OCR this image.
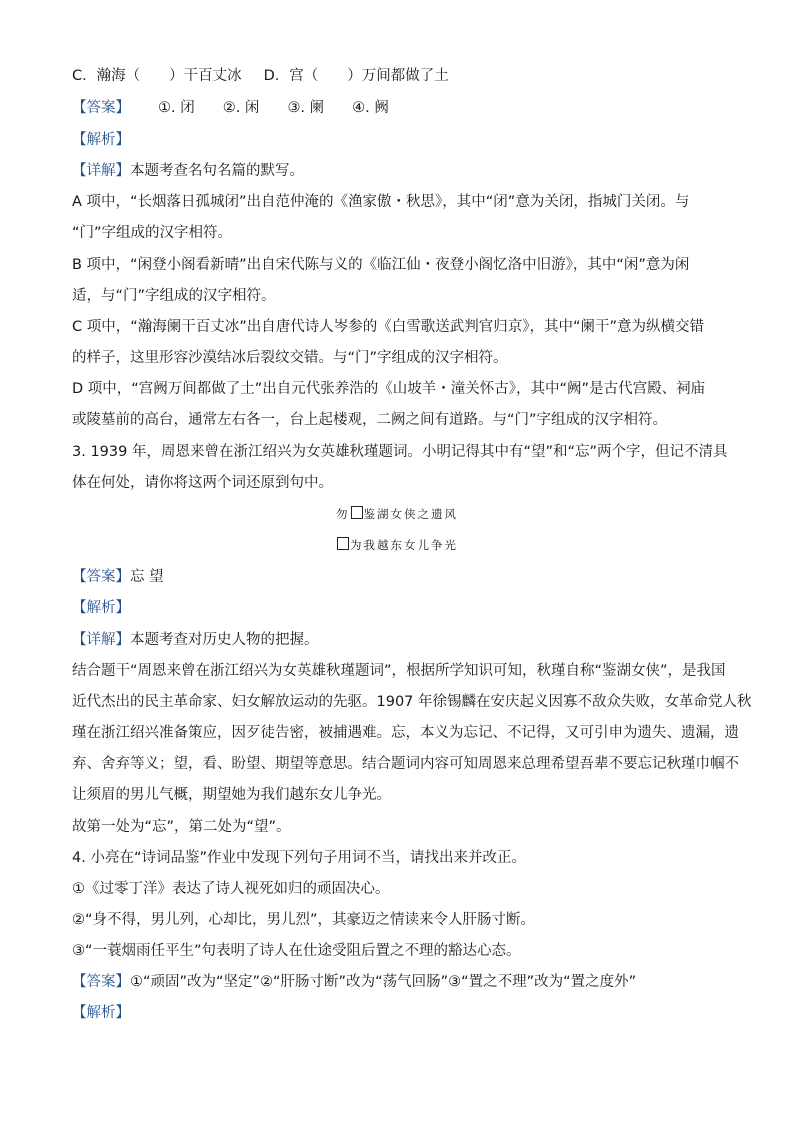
C．瀚海（　　）干百丈冰 D．宫（　　）万间都做了土
【答案】 ①. 闭 ②. 闲 ③. 阑 ④. 阙
【解析】
【详解】本题考查名句名篇的默写。
A 项中，“长烟落日孤城闭”出自范仲淹的《渔家傲・秋思》，其中“闭”意为关闭，指城门关闭。与
“门”字组成的汉字相符。
B 项中，“闲登小阁看新晴”出自宋代陈与义的《临江仙・夜登小阁忆洛中旧游》，其中“闲”意为闲
适，与“门”字组成的汉字相符。
C 项中，“瀚海阑干百丈冰”出自唐代诗人岑参的《白雪歌送武判官归京》，其中“阑干”意为纵横交错
的样子，这里形容沙漠结冰后裂纹交错。与“门”字组成的汉字相符。
D 项中，“宫阙万间都做了土”出自元代张养浩的《山坡羊・潼关怀古》，其中“阙”是古代宫殿、祠庙
或陵墓前的高台，通常左右各一，台上起楼观，二阙之间有道路。与“门”字组成的汉字相符。
3. 1939 年，周恩来曾在浙江绍兴为女英雄秋瑾题词。小明记得其中有“望”和“忘”两个字，但记不清具
体在何处，请你将这两个词还原到句中。
勿 鉴湖女侠之遗风
为我越东女儿争光
【答案】忘 望
【解析】
【详解】本题考查对历史人物的把握。
结合题干“周恩来曾在浙江绍兴为女英雄秋瑾题词”，根据所学知识可知，秋瑾自称“鉴湖女侠”，是我国
近代杰出的民主革命家、妇女解放运动的先驱。1907 年徐锡麟在安庆起义因寡不敌众失败，女革命党人秋
瑾在浙江绍兴准备策应，因歹徒告密，被捕遇难。忘，本义为忘记、不记得，又可引申为遗失、遗漏，遗
弃、舍弃等义；望，看、盼望、期望等意思。结合题词内容可知周恩来总理希望吾辈不要忘记秋瑾巾帼不
让须眉的男儿气概，期望她为我们越东女儿争光。
故第一处为“忘”，第二处为“望”。
4. 小亮在“诗词品鉴”作业中发现下列句子用词不当，请找出来并改正。
①《过零丁洋》表达了诗人视死如归的顽固决心。
②“身不得，男儿列，心却比，男儿烈”，其豪迈之情读来令人肝肠寸断。
③“一蓑烟雨任平生”句表明了诗人在仕途受阻后置之不理的豁达心态。
【答案】①“顽固”改为“坚定”②“肝肠寸断”改为“荡气回肠”③“置之不理”改为“置之度外”
【解析】
